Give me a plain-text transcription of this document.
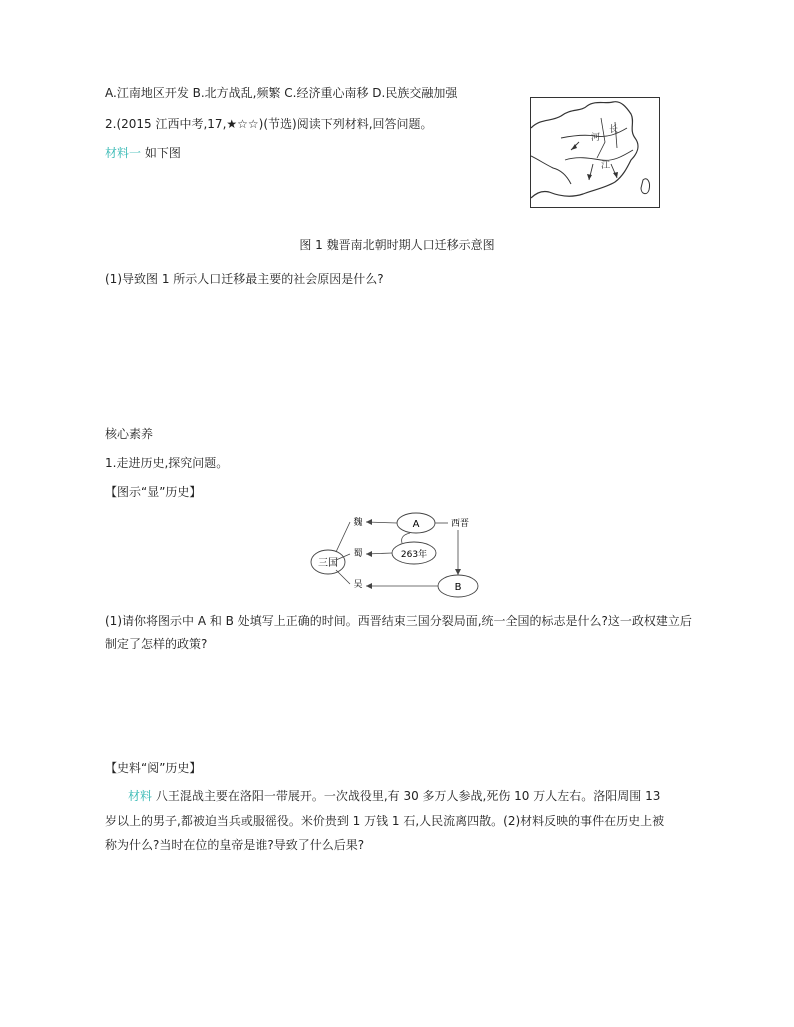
A.江南地区开发 B.北方战乱,频繁 C.经济重心南移 D.民族交融加强
2.(2015 江西中考,17,★☆☆)(节选)阅读下列材料,回答问题。
材料一 如下图
河
长
江
图 1 魏晋南北朝时期人口迁移示意图
(1)导致图 1 所示人口迁移最主要的社会原因是什么?
核心素养
1.走进历史,探究问题。
【图示“显”历史】
三国
魏
蜀
吴
A
263年
B
西晋
(1)请你将图示中 A 和 B 处填写上正确的时间。西晋结束三国分裂局面,统一全国的标志是什么?这一政权建立后
制定了怎样的政策?
【史料“阅”历史】
材料 八王混战主要在洛阳一带展开。一次战役里,有 30 多万人参战,死伤 10 万人左右。洛阳周围 13
岁以上的男子,都被迫当兵或服徭役。米价贵到 1 万钱 1 石,人民流离四散。(2)材料反映的事件在历史上被
称为什么?当时在位的皇帝是谁?导致了什么后果?
